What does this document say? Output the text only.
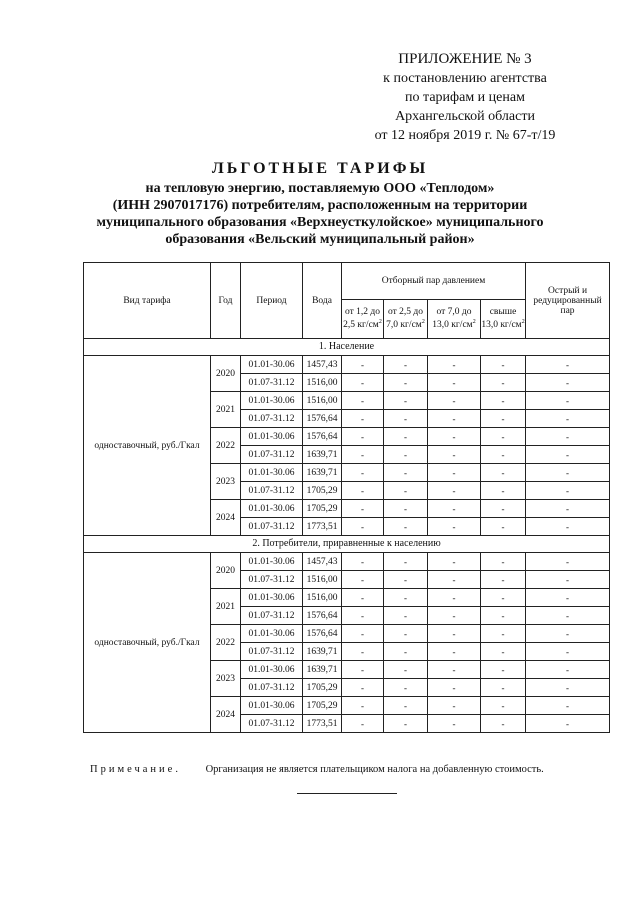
ПРИЛОЖЕНИЕ № 3
к постановлению агентства
по тарифам и ценам
Архангельской области
от 12 ноября 2019 г. № 67-т/19
ЛЬГОТНЫЕ ТАРИФЫ
на тепловую энергию, поставляемую ООО «Теплодом»
(ИНН 2907017176) потребителям, расположенным на территории
муниципального образования «Верхнеусткулойское» муниципального
образования «Вельский муниципальный район»
Вид тарифа	Год	Период	Вода	Отборный пар давлением				Острый и редуцированный пар
				от 1,2 до 2,5 $кг/см^2$	от 2,5 до 7,0 $кг/см^2$	от 7,0 до 13,0 $кг/см^2$	свыше 13,0 $кг/см^2$
1. Население								
одноставочный, руб./Гкал	2020	01.01-30.06	1457,43	-	-	-	-	-
		01.07-31.12	1516,00	-	-	-	-	-
	2021	01.01-30.06	1516,00	-	-	-	-	-
		01.07-31.12	1576,64	-	-	-	-	-
	2022	01.01-30.06	1576,64	-	-	-	-	-
		01.07-31.12	1639,71	-	-	-	-	-
	2023	01.01-30.06	1639,71	-	-	-	-	-
		01.07-31.12	1705,29	-	-	-	-	-
	2024	01.01-30.06	1705,29	-	-	-	-	-
		01.07-31.12	1773,51	-	-	-	-	-
2. Потребители, приравненные к населению								
одноставочный, руб./Гкал	2020	01.01-30.06	1457,43	-	-	-	-	-
		01.07-31.12	1516,00	-	-	-	-	-
	2021	01.01-30.06	1516,00	-	-	-	-	-
		01.07-31.12	1576,64	-	-	-	-	-
	2022	01.01-30.06	1576,64	-	-	-	-	-
		01.07-31.12	1639,71	-	-	-	-	-
	2023	01.01-30.06	1639,71	-	-	-	-	-
		01.07-31.12	1705,29	-	-	-	-	-
	2024	01.01-30.06	1705,29	-	-	-	-	-
		01.07-31.12	1773,51	-	-	-	-	-
Примечание. Организация не является плательщиком налога на добавленную стоимость.
